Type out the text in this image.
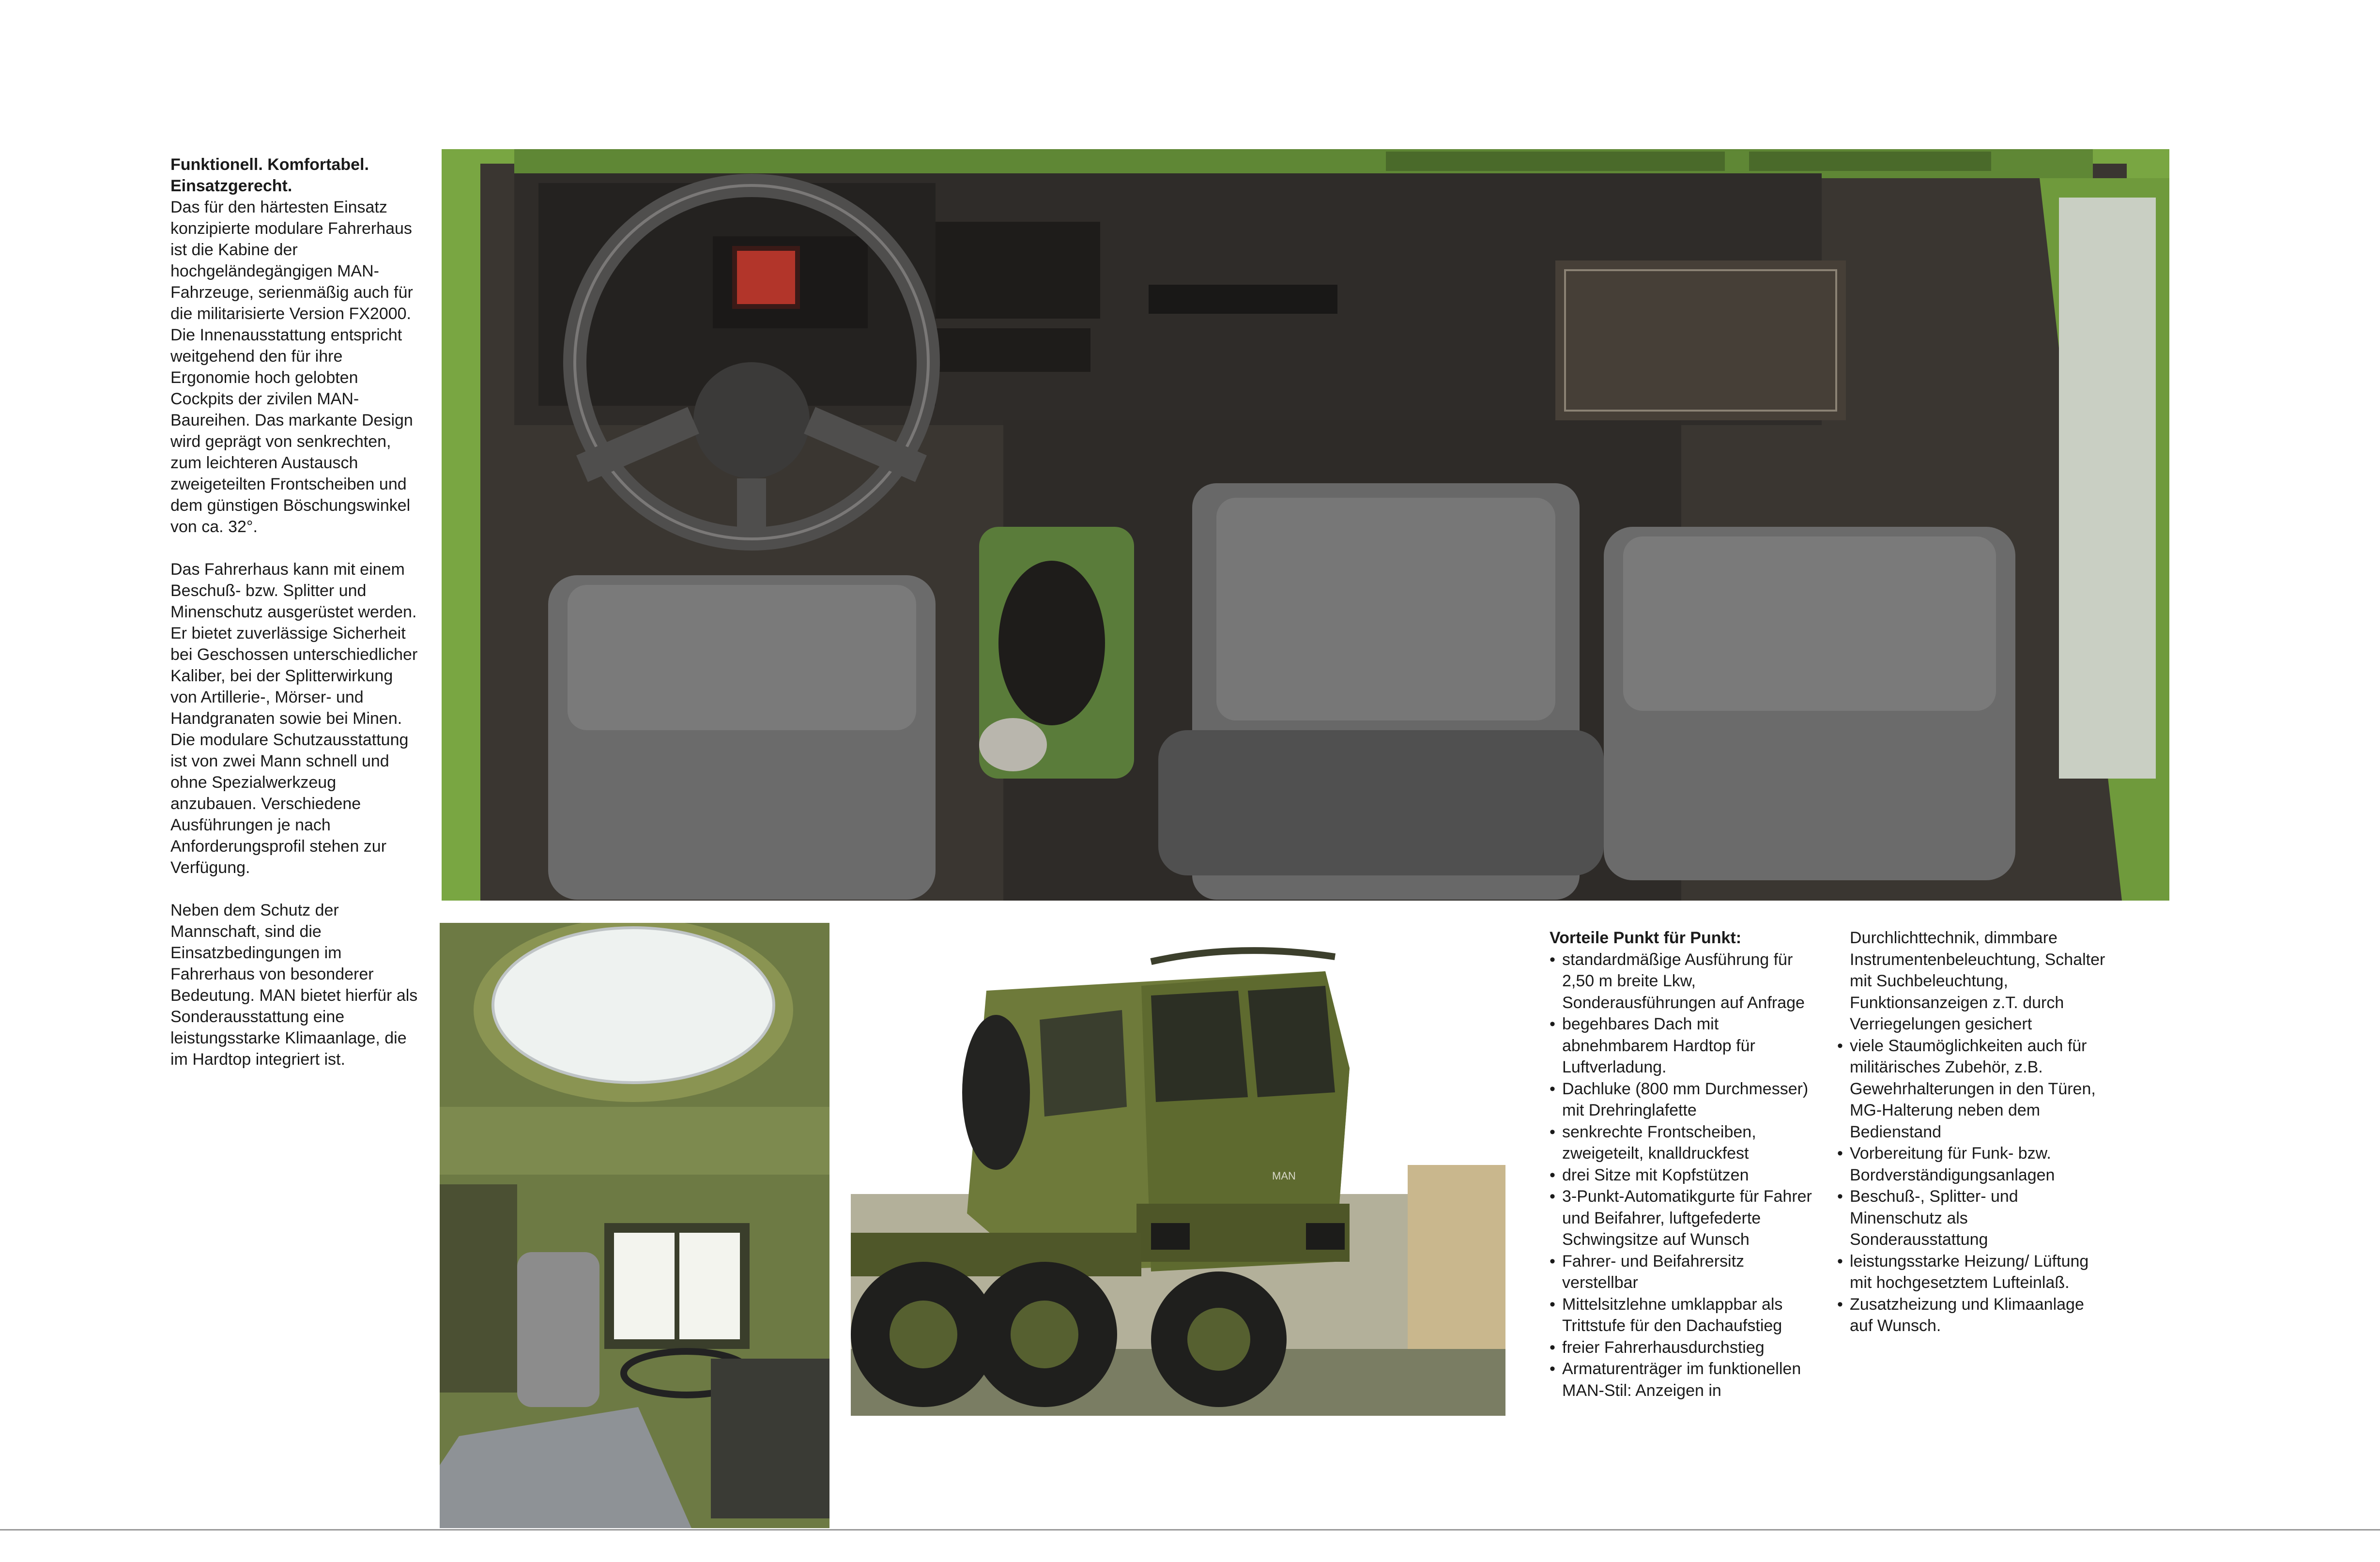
Funktionell. Komfortabel. Einsatzgerecht.

Das für den härtesten Einsatz konzipierte modulare Fahrerhaus ist die Kabine der hochgeländegängigen MAN-Fahrzeuge, serienmäßig auch für die militarisierte Version FX2000. Die Innenausstattung entspricht weitgehend den für ihre Ergonomie hoch gelobten Cockpits der zivilen MAN-Baureihen. Das markante Design wird geprägt von senkrechten, zum leichteren Austausch zweigeteilten Frontscheiben und dem günstigen Böschungswinkel von ca. 32°.

Das Fahrerhaus kann mit einem Beschuß- bzw. Splitter und Minenschutz ausgerüstet werden. Er bietet zuverlässige Sicherheit bei Geschossen unterschiedlicher Kaliber, bei der Splitterwirkung von Artillerie-, Mörser- und Handgranaten sowie bei Minen. Die modulare Schutzausstattung ist von zwei Mann schnell und ohne Spezialwerkzeug anzubauen. Verschiedene Ausführungen je nach Anforderungsprofil stehen zur Verfügung.

Neben dem Schutz der Mannschaft, sind die Einsatzbedingungen im Fahrerhaus von besonderer Bedeutung. MAN bietet hierfür als Sonderausstattung eine leistungsstarke Klimaanlage, die im Hardtop integriert ist.

MAN

Vorteile Punkt für Punkt:

• standardmäßige Ausführung für 2,50 m breite Lkw, Sonderausführungen auf Anfrage
• begehbares Dach mit abnehmbarem Hardtop für Luftverladung.
• Dachluke (800 mm Durchmesser) mit Drehringlafette
• senkrechte Frontscheiben, zweigeteilt, knalldruckfest
• drei Sitze mit Kopfstützen
• 3-Punkt-Automatikgurte für Fahrer und Beifahrer, luftgefederte Schwingsitze auf Wunsch
• Fahrer- und Beifahrersitz verstellbar
• Mittelsitzlehne umklappbar als Trittstufe für den Dachaufstieg
• freier Fahrerhausdurchstieg
• Armaturenträger im funktionellen MAN-Stil: Anzeigen in
Durchlichttechnik, dimmbare Instrumentenbeleuchtung, Schalter mit Suchbeleuchtung, Funktionsanzeigen z.T. durch Verriegelungen gesichert
• viele Staumöglichkeiten auch für militärisches Zubehör, z.B. Gewehrhalterungen in den Türen, MG-Halterung neben dem Bedienstand
• Vorbereitung für Funk- bzw. Bordverständigungsanlagen
• Beschuß-, Splitter- und Minenschutz als Sonderausstattung
• leistungsstarke Heizung/ Lüftung mit hochgesetztem Lufteinlaß.
• Zusatzheizung und Klimaanlage auf Wunsch.
